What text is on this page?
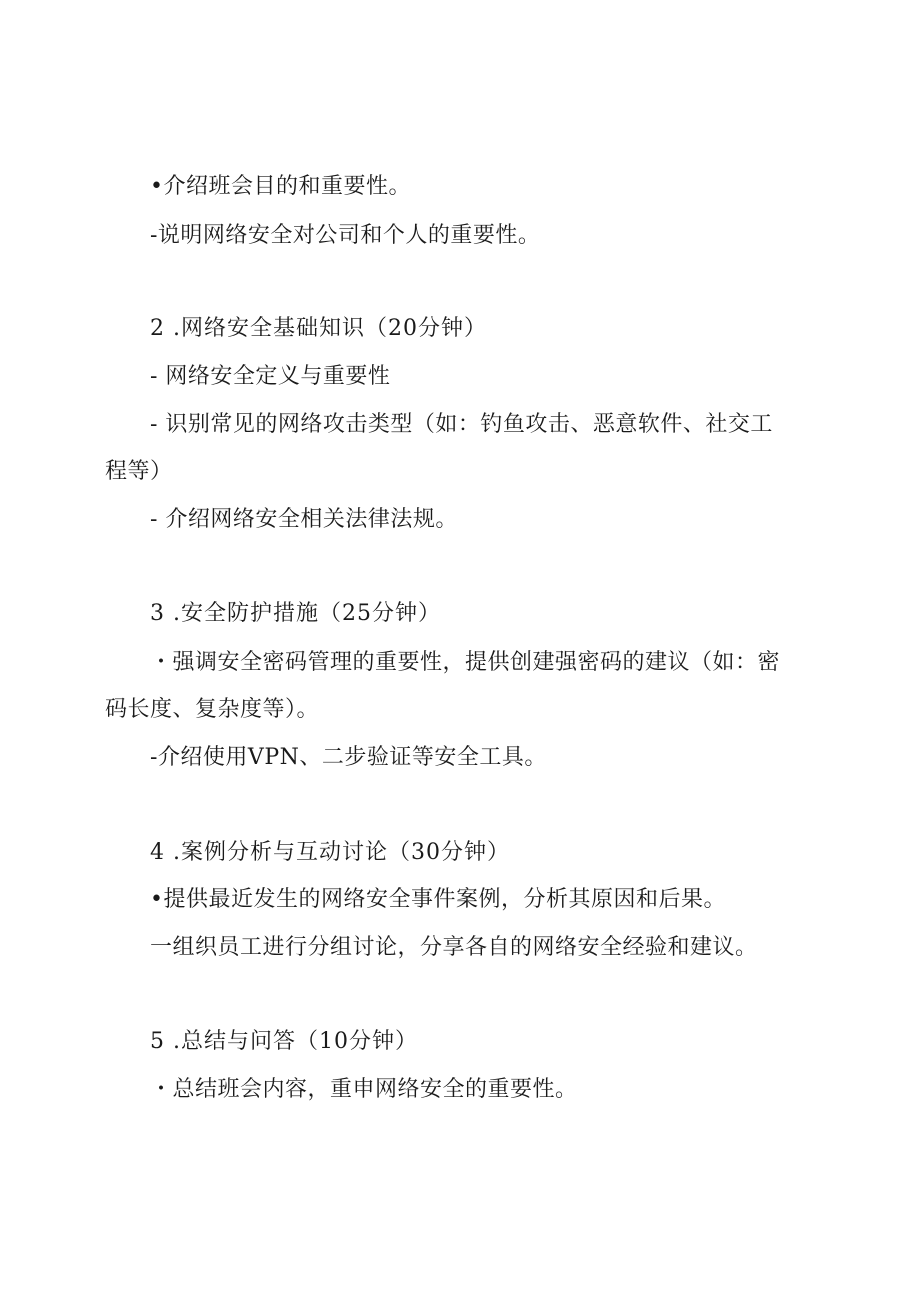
•介绍班会目的和重要性。
-说明网络安全对公司和个人的重要性。
2 .网络安全基础知识（20分钟）
- 网络安全定义与重要性
- 识别常见的网络攻击类型（如：钓鱼攻击、恶意软件、社交工
程等）
- 介绍网络安全相关法律法规。
3 .安全防护措施（25分钟）
・强调安全密码管理的重要性，提供创建强密码的建议（如：密
码长度、复杂度等）。
-介绍使用VPN、二步验证等安全工具。
4 .案例分析与互动讨论（30分钟）
•提供最近发生的网络安全事件案例，分析其原因和后果。
一组织员工进行分组讨论，分享各自的网络安全经验和建议。
5 .总结与问答（10分钟）
・总结班会内容，重申网络安全的重要性。
